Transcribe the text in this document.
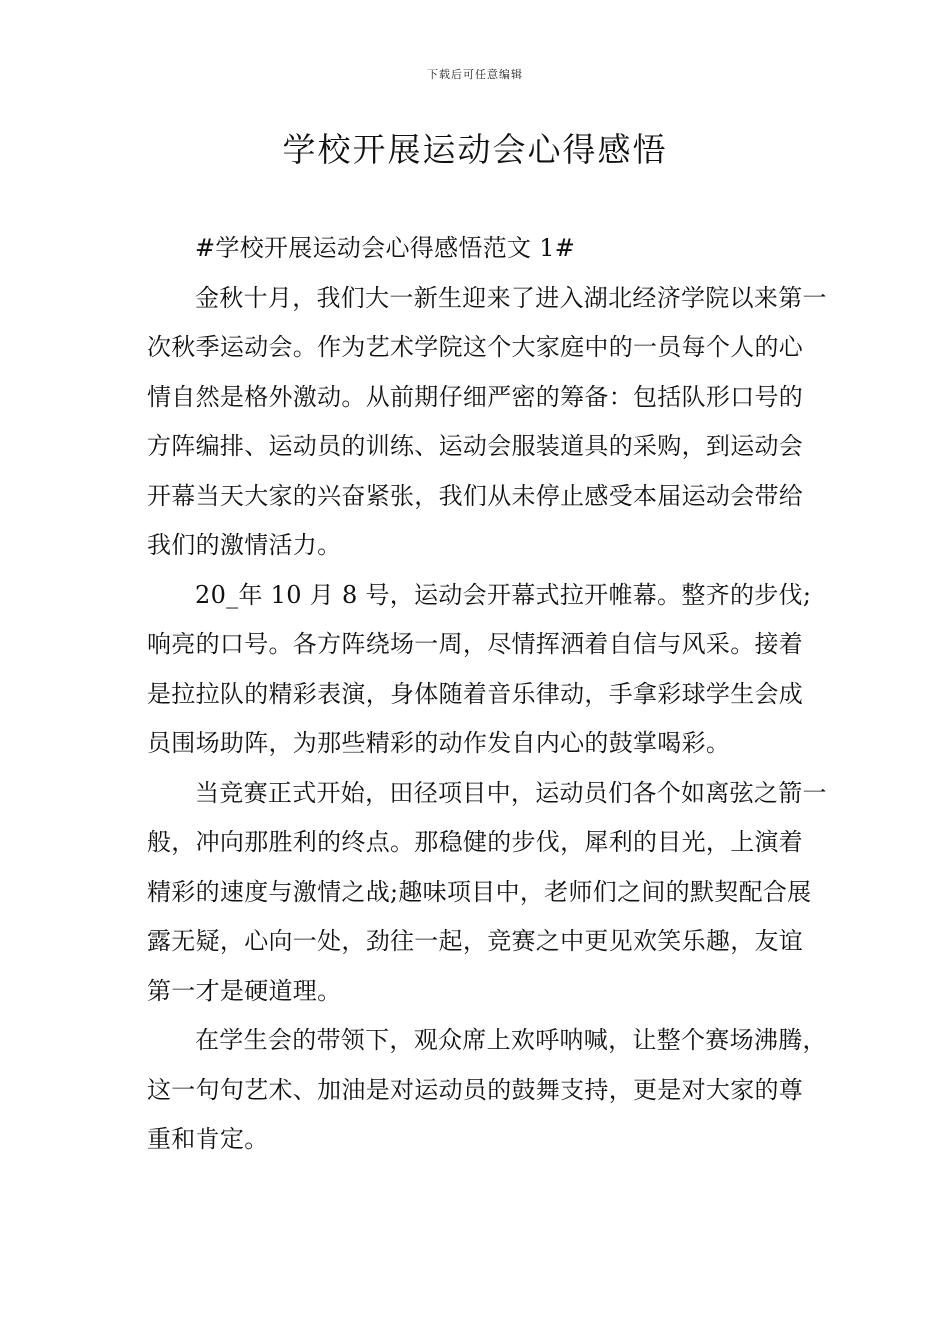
下载后可任意编辑
学校开展运动会心得感悟

#学校开展运动会心得感悟范文 1#

金秋十月，我们大一新生迎来了进入湖北经济学院以来第一次秋季运动会。作为艺术学院这个大家庭中的一员每个人的心情自然是格外激动。从前期仔细严密的筹备：包括队形口号的方阵编排、运动员的训练、运动会服装道具的采购，到运动会开幕当天大家的兴奋紧张，我们从未停止感受本届运动会带给我们的激情活力。

20_年 10 月 8 号，运动会开幕式拉开帷幕。整齐的步伐;响亮的口号。各方阵绕场一周，尽情挥洒着自信与风采。接着是拉拉队的精彩表演，身体随着音乐律动，手拿彩球学生会成员围场助阵，为那些精彩的动作发自内心的鼓掌喝彩。

当竞赛正式开始，田径项目中，运动员们各个如离弦之箭一般，冲向那胜利的终点。那稳健的步伐，犀利的目光，上演着精彩的速度与激情之战;趣味项目中，老师们之间的默契配合展露无疑，心向一处，劲往一起，竞赛之中更见欢笑乐趣，友谊第一才是硬道理。

在学生会的带领下，观众席上欢呼呐喊，让整个赛场沸腾，这一句句艺术、加油是对运动员的鼓舞支持，更是对大家的尊重和肯定。
